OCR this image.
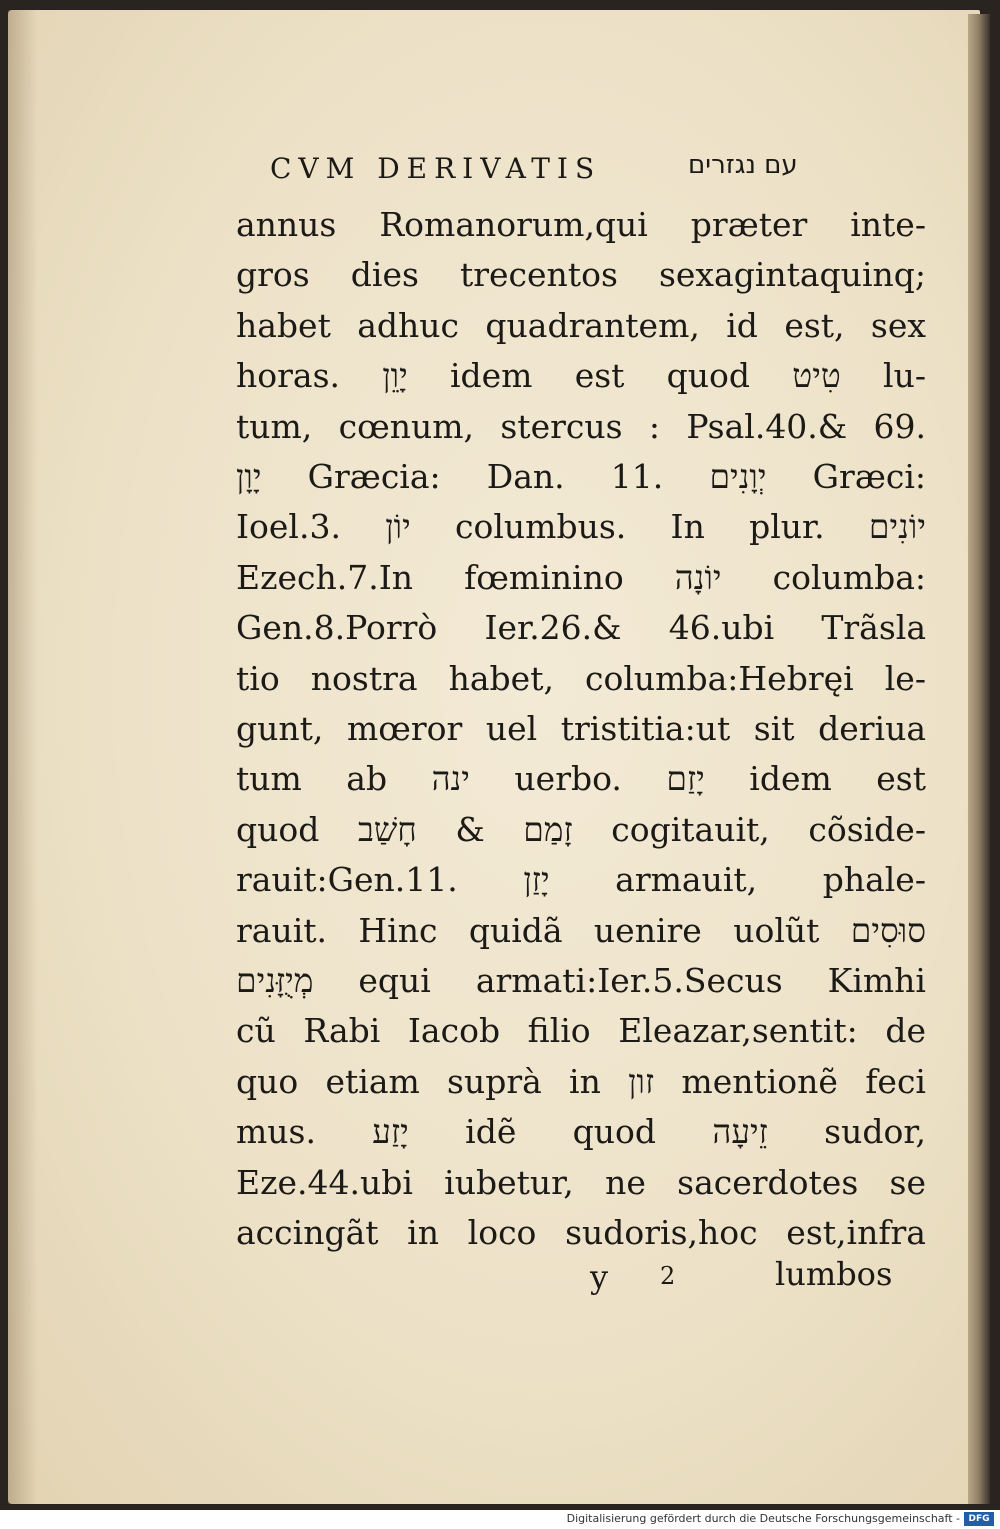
CVM DERIVATIS	עם נגזרים
annus Romanorum,qui præter inte-
gros dies trecentos sexagintaquinq;
habet adhuc quadrantem, id est, sex
horas. יָוֵן idem est quod טִיט lu-
tum, cœnum, stercus : Psal.40.& 69.
יָוָן Græcia: Dan. 11. יְוָנִים Græci:
Ioel.3. יוֹן columbus. In plur. יוֹנִים
Ezech.7.In fœminino יוֹנָה columba:
Gen.8.Porrò Ier.26.& 46.ubi Trãsla
tio nostra habet, columba:Hebręi le-
gunt, mœror uel tristitia:ut sit deriua
tum ab ינה uerbo. יָזַם idem est
quod זָמַם & חָשַׁב cogitauit, cõside-
rauit:Gen.11. יָזַן armauit, phale-
rauit. Hinc quidã uenire uolũt סוּסִים
מְיֻזָּנִים equi armati:Ier.5.Secus Kimhi
cũ Rabi Iacob filio Eleazar,sentit: de
quo etiam suprà in זון mentionẽ feci
mus. יָזַע idẽ quod זֵיעָה sudor,
Eze.44.ubi iubetur, ne sacerdotes se
accingãt in loco sudoris,hoc est,infra
y 2	lumbos
Digitalisierung gefördert durch die Deutsche Forschungsgemeinschaft - DFG
